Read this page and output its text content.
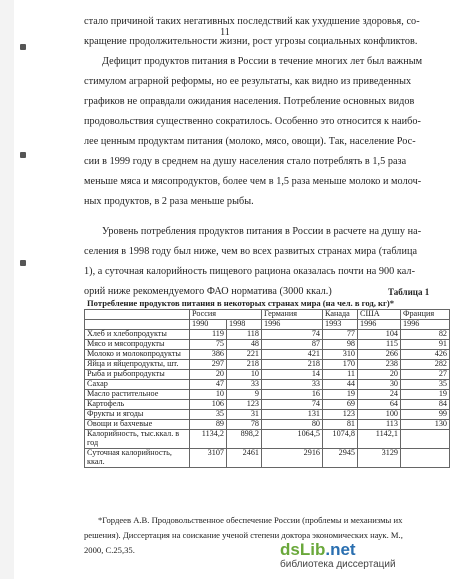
11
стало причиной таких негативных последствий как ухудшение здоровья, со-
кращение продолжительности жизни, рост угрозы социальных конфликтов.
Дефицит продуктов питания в России в течение многих лет был важным
стимулом аграрной реформы, но ее результаты, как видно из приведенных
графиков не оправдали ожидания населения. Потребление основных видов
продовольствия существенно сократилось. Особенно это относится к наибо-
лее ценным продуктам питания (молоко, мясо, овощи). Так, население Рос-
сии в 1999 году в среднем на душу населения стало потреблять в 1,5 раза
меньше мяса и мясопродуктов, более чем в 1,5 раза меньше молоко и молоч-
ных продуктов, в 2 раза меньше рыбы.
Уровень потребления продуктов питания в России в расчете на душу на-
селения в 1998 году был ниже, чем во всех развитых странах мира (таблица
1), а суточная калорийность пищевого рациона оказалась почти на 900 кал-
орий ниже рекомендуемого ФАО норматива (3000 ккал.)	Таблица 1
Потребление продуктов питания в некоторых странах мира (на чел. в год, кг)*
	Россия		Германия	Канада	США	Франция
	1990	1998	1996	1993	1996	1996
Хлеб и хлебопродукты	119	118	74	77	104	82
Мясо и мясопродукты	75	48	87	98	115	91
Молоко и молокопродукты	386	221	421	310	266	426
Яйца и яйцепродукты, шт.	297	218	218	170	238	282
Рыба и рыбопродукты	20	10	14	11	20	27
Сахар	47	33	33	44	30	35
Масло растительное	10	9	16	19	24	19
Картофель	106	123	74	69	64	84
Фрукты и ягоды	35	31	131	123	100	99
Овощи и бахчевые	89	78	80	81	113	130
Калорийность, тыс.ккал. в год	1134,2	898,2	1064,5	1074,8	1142,1	
Суточная калорийность, ккал.	3107	2461	2916	2945	3129	
*Гордеев А.В. Продовольственное обеспечение России (проблемы и механизмы их
решения). Диссертация на соискание ученой степени доктора экономических наук. М.,
2000, С.25,35.	dsLib.net
библиотека диссертаций
